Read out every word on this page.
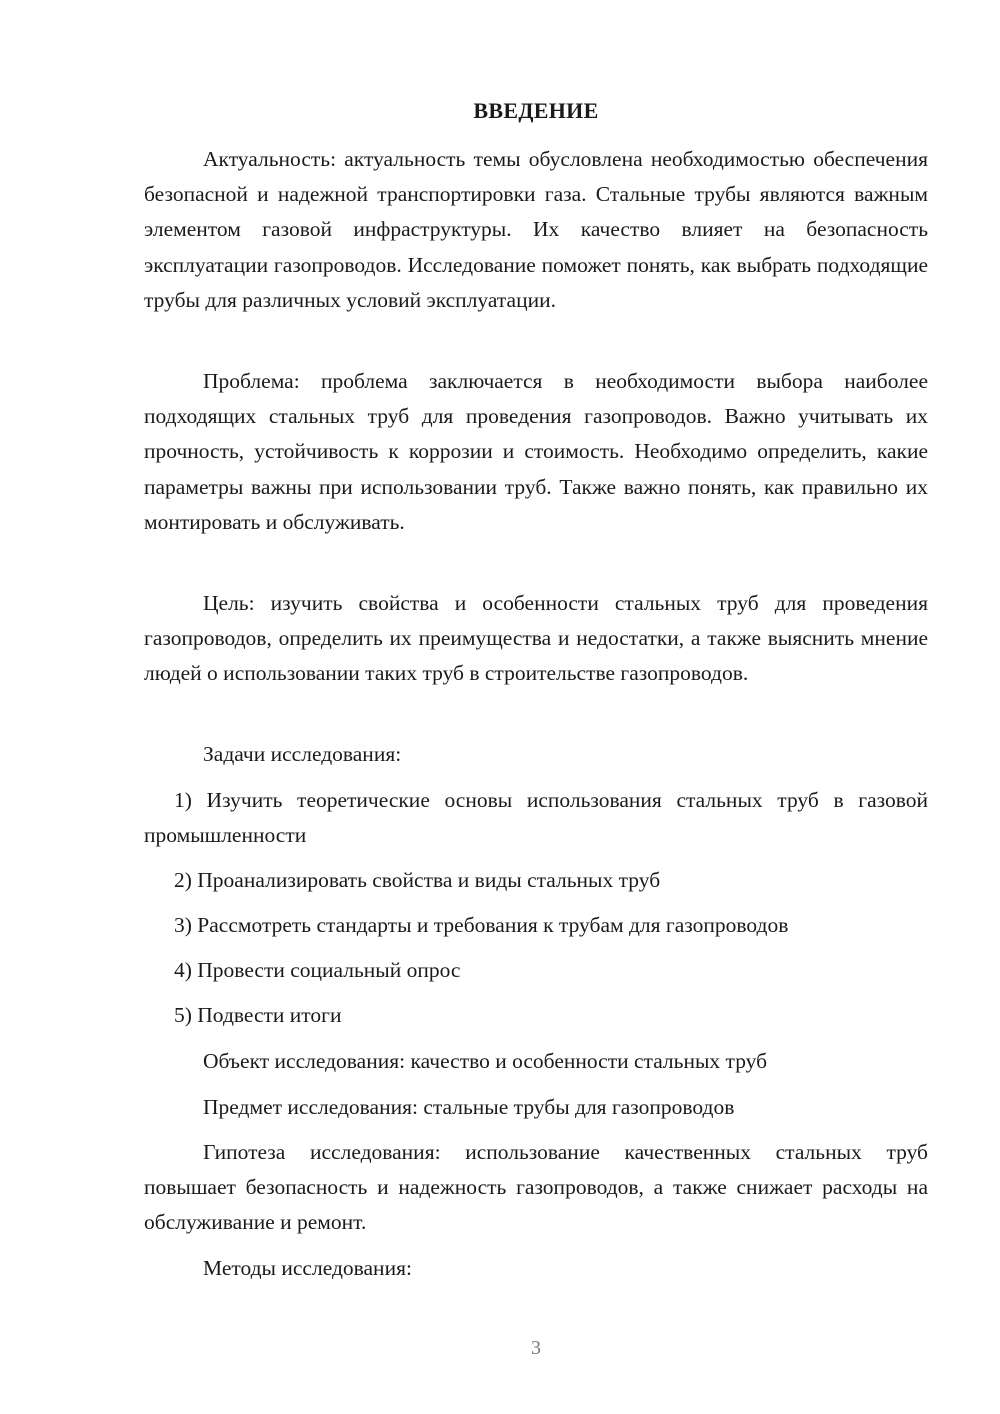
ВВЕДЕНИЕ

Актуальность: актуальность темы обусловлена необходимостью обеспечения безопасной и надежной транспортировки газа. Стальные трубы являются важным элементом газовой инфраструктуры. Их качество влияет на безопасность эксплуатации газопроводов. Исследование поможет понять, как выбрать подходящие трубы для различных условий эксплуатации.

Проблема: проблема заключается в необходимости выбора наиболее подходящих стальных труб для проведения газопроводов. Важно учитывать их прочность, устойчивость к коррозии и стоимость. Необходимо определить, какие параметры важны при использовании труб. Также важно понять, как правильно их монтировать и обслуживать.

Цель: изучить свойства и особенности стальных труб для проведения газопроводов, определить их преимущества и недостатки, а также выяснить мнение людей о использовании таких труб в строительстве газопроводов.

Задачи исследования:

1) Изучить теоретические основы использования стальных труб в газовой промышленности

2) Проанализировать свойства и виды стальных труб

3) Рассмотреть стандарты и требования к трубам для газопроводов

4) Провести социальный опрос

5) Подвести итоги

Объект исследования: качество и особенности стальных труб

Предмет исследования: стальные трубы для газопроводов

Гипотеза исследования: использование качественных стальных труб повышает безопасность и надежность газопроводов, а также снижает расходы на обслуживание и ремонт.

Методы исследования:

3
